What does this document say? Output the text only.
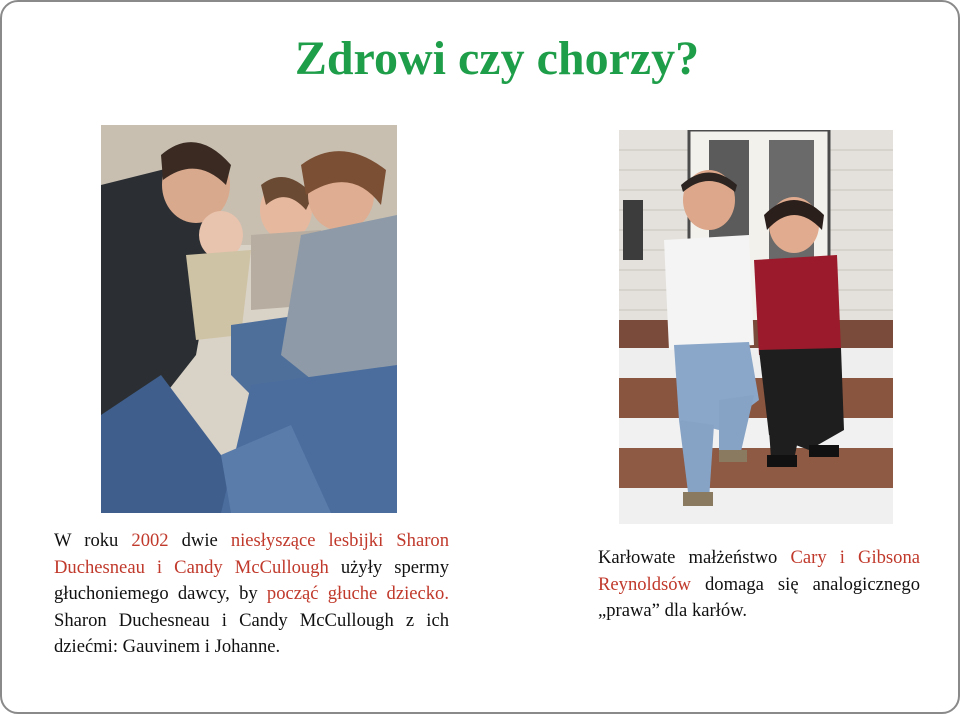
Zdrowi czy chorzy?

W roku 2002 dwie niesłyszące lesbijki Sharon Duchesneau i Candy McCullough użyły spermy głuchoniemego dawcy, by począć głuche dziecko. Sharon Duchesneau i Candy McCullough z ich dziećmi: Gauvinem i Johanne.

Karłowate małżeństwo Cary i Gibsona Reynoldsów domaga się analogicznego „prawa” dla karłów.
